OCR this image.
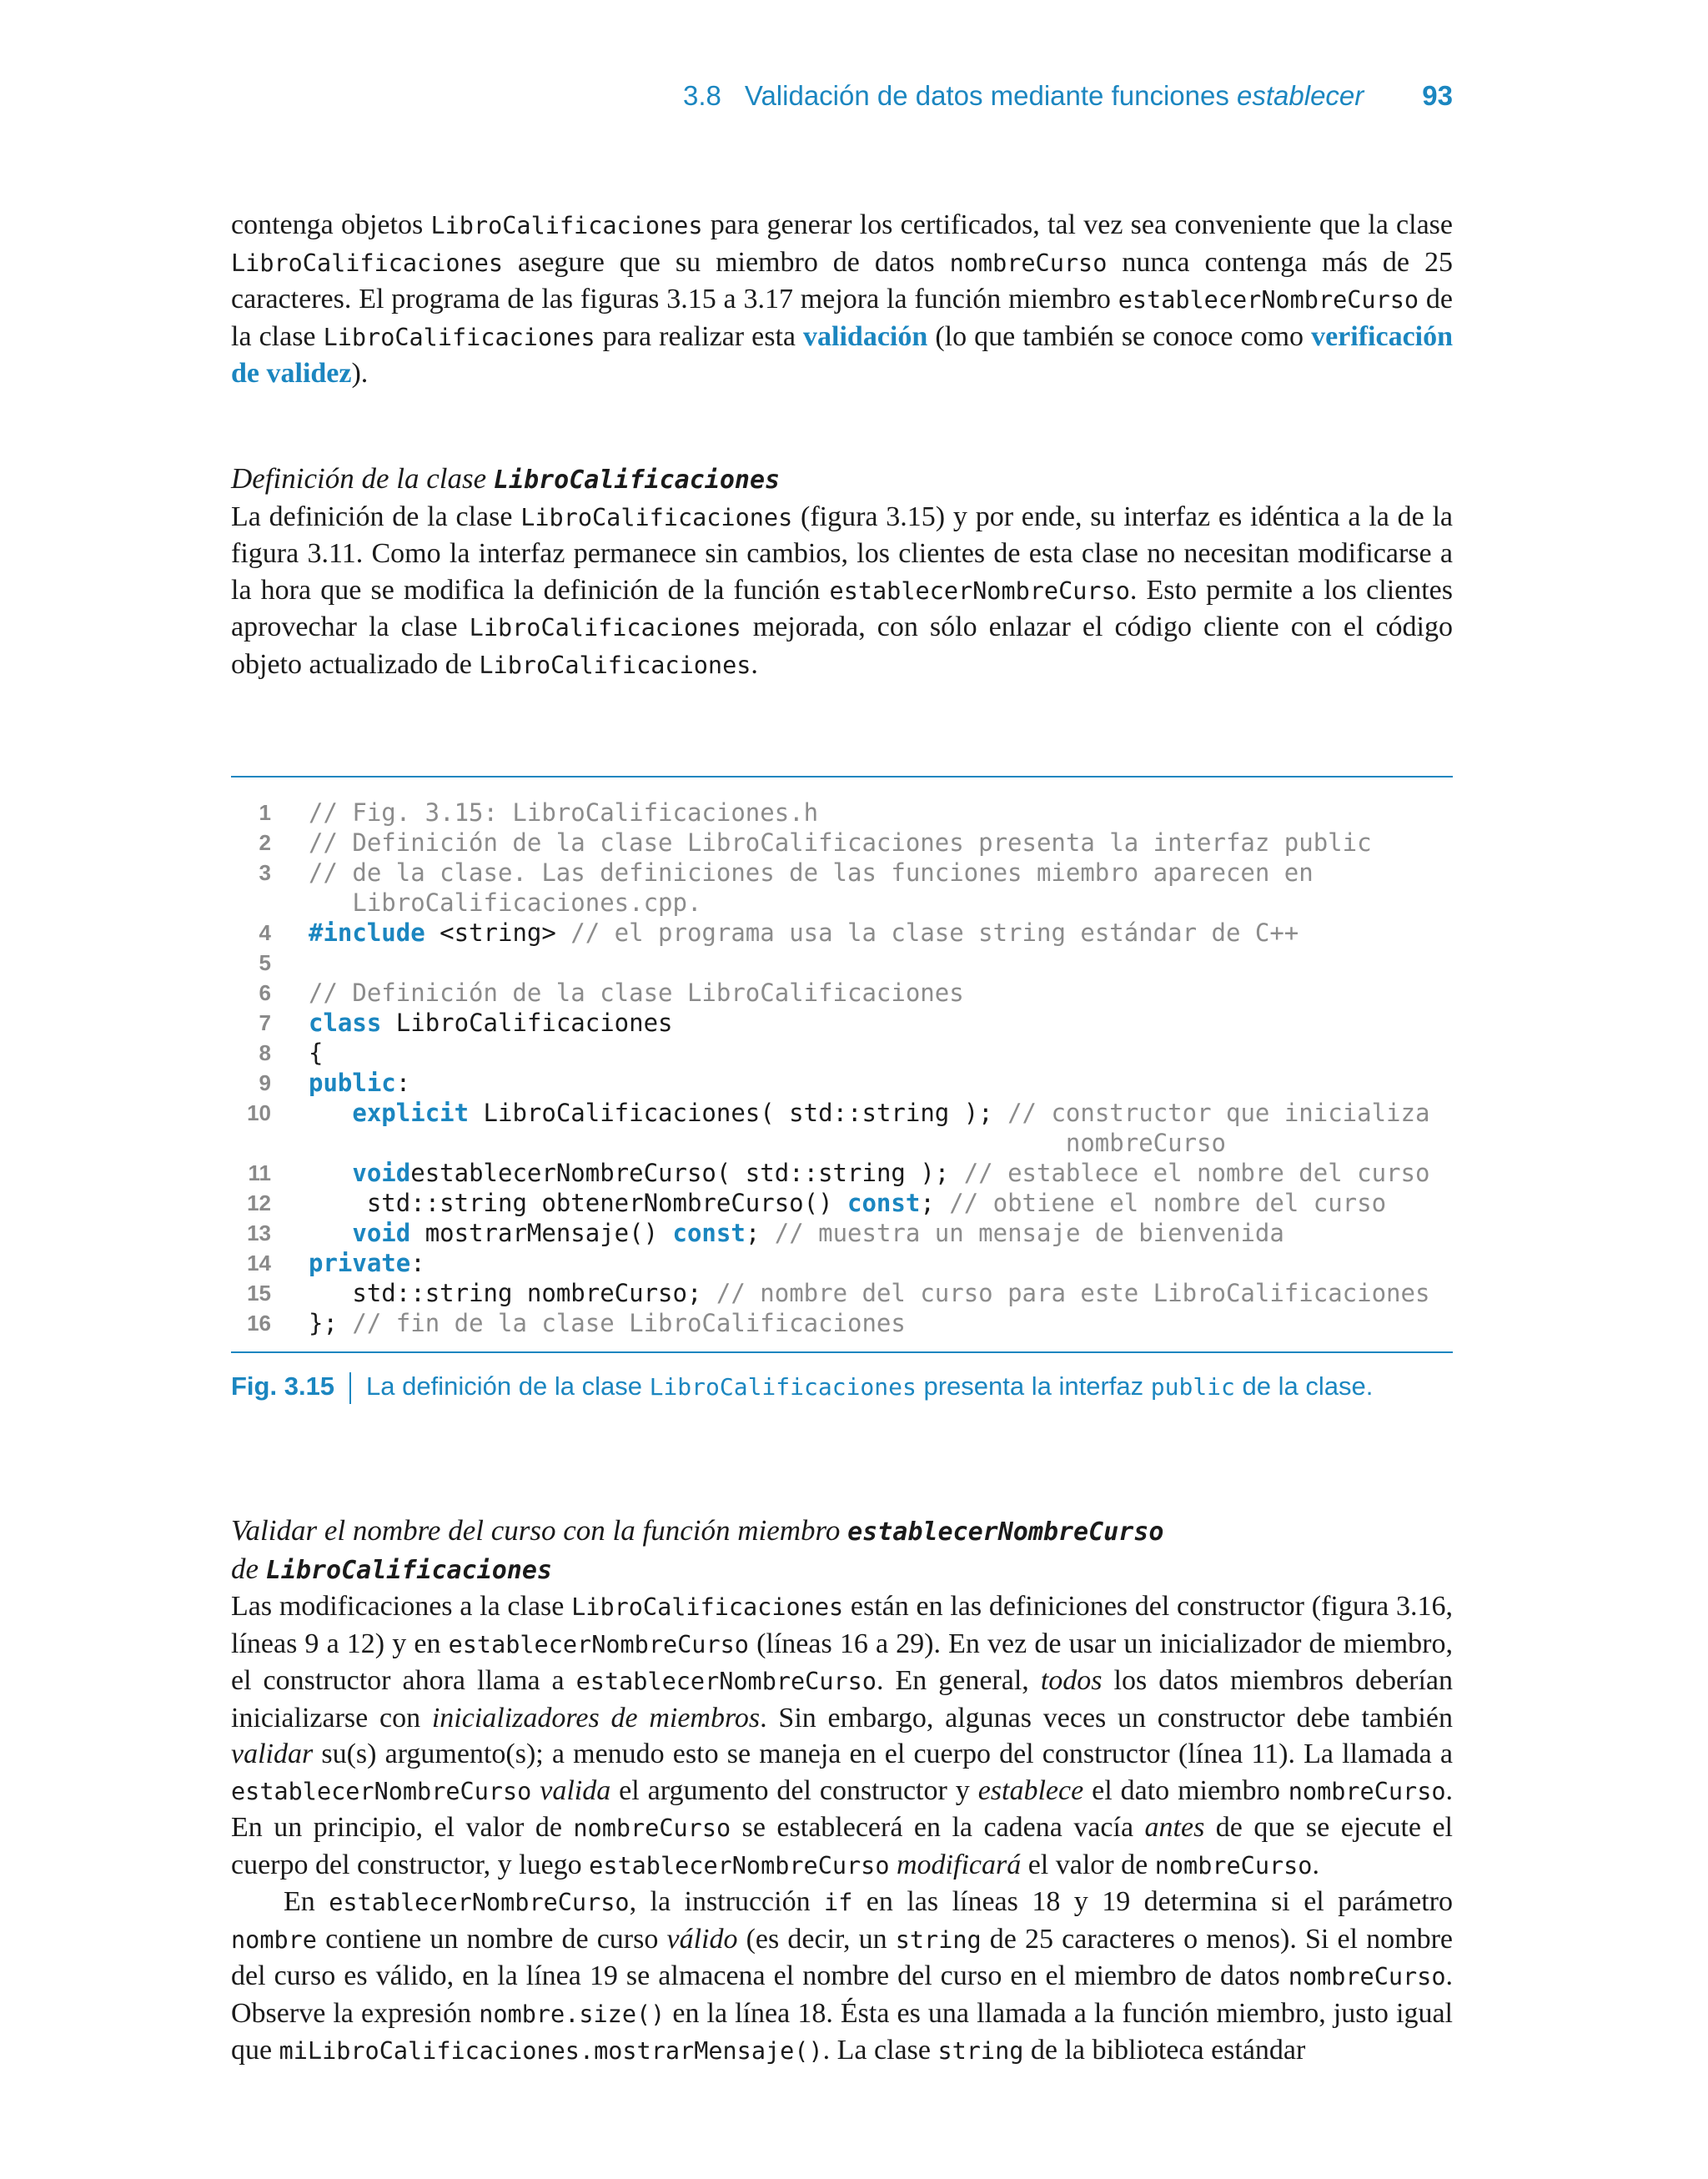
3.8 Validación de datos mediante funciones establecer 93

contenga objetos LibroCalificaciones para generar los certificados, tal vez sea conveniente que la clase LibroCalificaciones asegure que su miembro de datos nombreCurso nunca contenga más de 25 caracteres. El programa de las figuras 3.15 a 3.17 mejora la función miembro establecerNombreCurso de la clase LibroCalificaciones para realizar esta validación (lo que también se conoce como verificación de validez).

Definición de la clase LibroCalificaciones

La definición de la clase LibroCalificaciones (figura 3.15) y por ende, su interfaz es idéntica a la de la figura 3.11. Como la interfaz permanece sin cambios, los clientes de esta clase no necesitan modificarse a la hora que se modifica la definición de la función establecerNombreCurso. Esto permite a los clientes aprovechar la clase LibroCalificaciones mejorada, con sólo enlazar el código cliente con el código objeto actualizado de LibroCalificaciones.

1	// Fig. 3.15: LibroCalificaciones.h
2	// Definición de la clase LibroCalificaciones presenta la interfaz public
3	// de la clase. Las definiciones de las funciones miembro aparecen en
LibroCalificaciones.cpp.
4	#include <string> // el programa usa la clase string estándar de C++
5
6	// Definición de la clase LibroCalificaciones
7	class LibroCalificaciones
8	{
9	public:
10	explicit LibroCalificaciones( std::string ); // constructor que inicializa
nombreCurso
11	voidestablecerNombreCurso( std::string ); // establece el nombre del curso
12	std::string obtenerNombreCurso() const; // obtiene el nombre del curso
13	void mostrarMensaje() const; // muestra un mensaje de bienvenida
14	private:
15	std::string nombreCurso; // nombre del curso para este LibroCalificaciones
16	}; // fin de la clase LibroCalificaciones
Fig. 3.15 La definición de la clase LibroCalificaciones presenta la interfaz public de la clase.
Validar el nombre del curso con la función miembro establecerNombreCurso
de LibroCalificaciones

Las modificaciones a la clase LibroCalificaciones están en las definiciones del constructor (figura 3.16, líneas 9 a 12) y en establecerNombreCurso (líneas 16 a 29). En vez de usar un inicializador de miembro, el constructor ahora llama a establecerNombreCurso. En general, todos los datos miembros deberían inicializarse con inicializadores de miembros. Sin embargo, algunas veces un constructor debe también validar su(s) argumento(s); a menudo esto se maneja en el cuerpo del constructor (línea 11). La llamada a establecerNombreCurso valida el argumento del constructor y establece el dato miembro nombreCurso. En un principio, el valor de nombreCurso se establecerá en la cadena vacía antes de que se ejecute el cuerpo del constructor, y luego establecerNombreCurso modificará el valor de nombreCurso.

En establecerNombreCurso, la instrucción if en las líneas 18 y 19 determina si el parámetro nombre contiene un nombre de curso válido (es decir, un string de 25 caracteres o menos). Si el nombre del curso es válido, en la línea 19 se almacena el nombre del curso en el miembro de datos nombreCurso. Observe la expresión nombre.size() en la línea 18. Ésta es una llamada a la función miembro, justo igual que miLibroCalificaciones.mostrarMensaje(). La clase string de la biblioteca estándar
